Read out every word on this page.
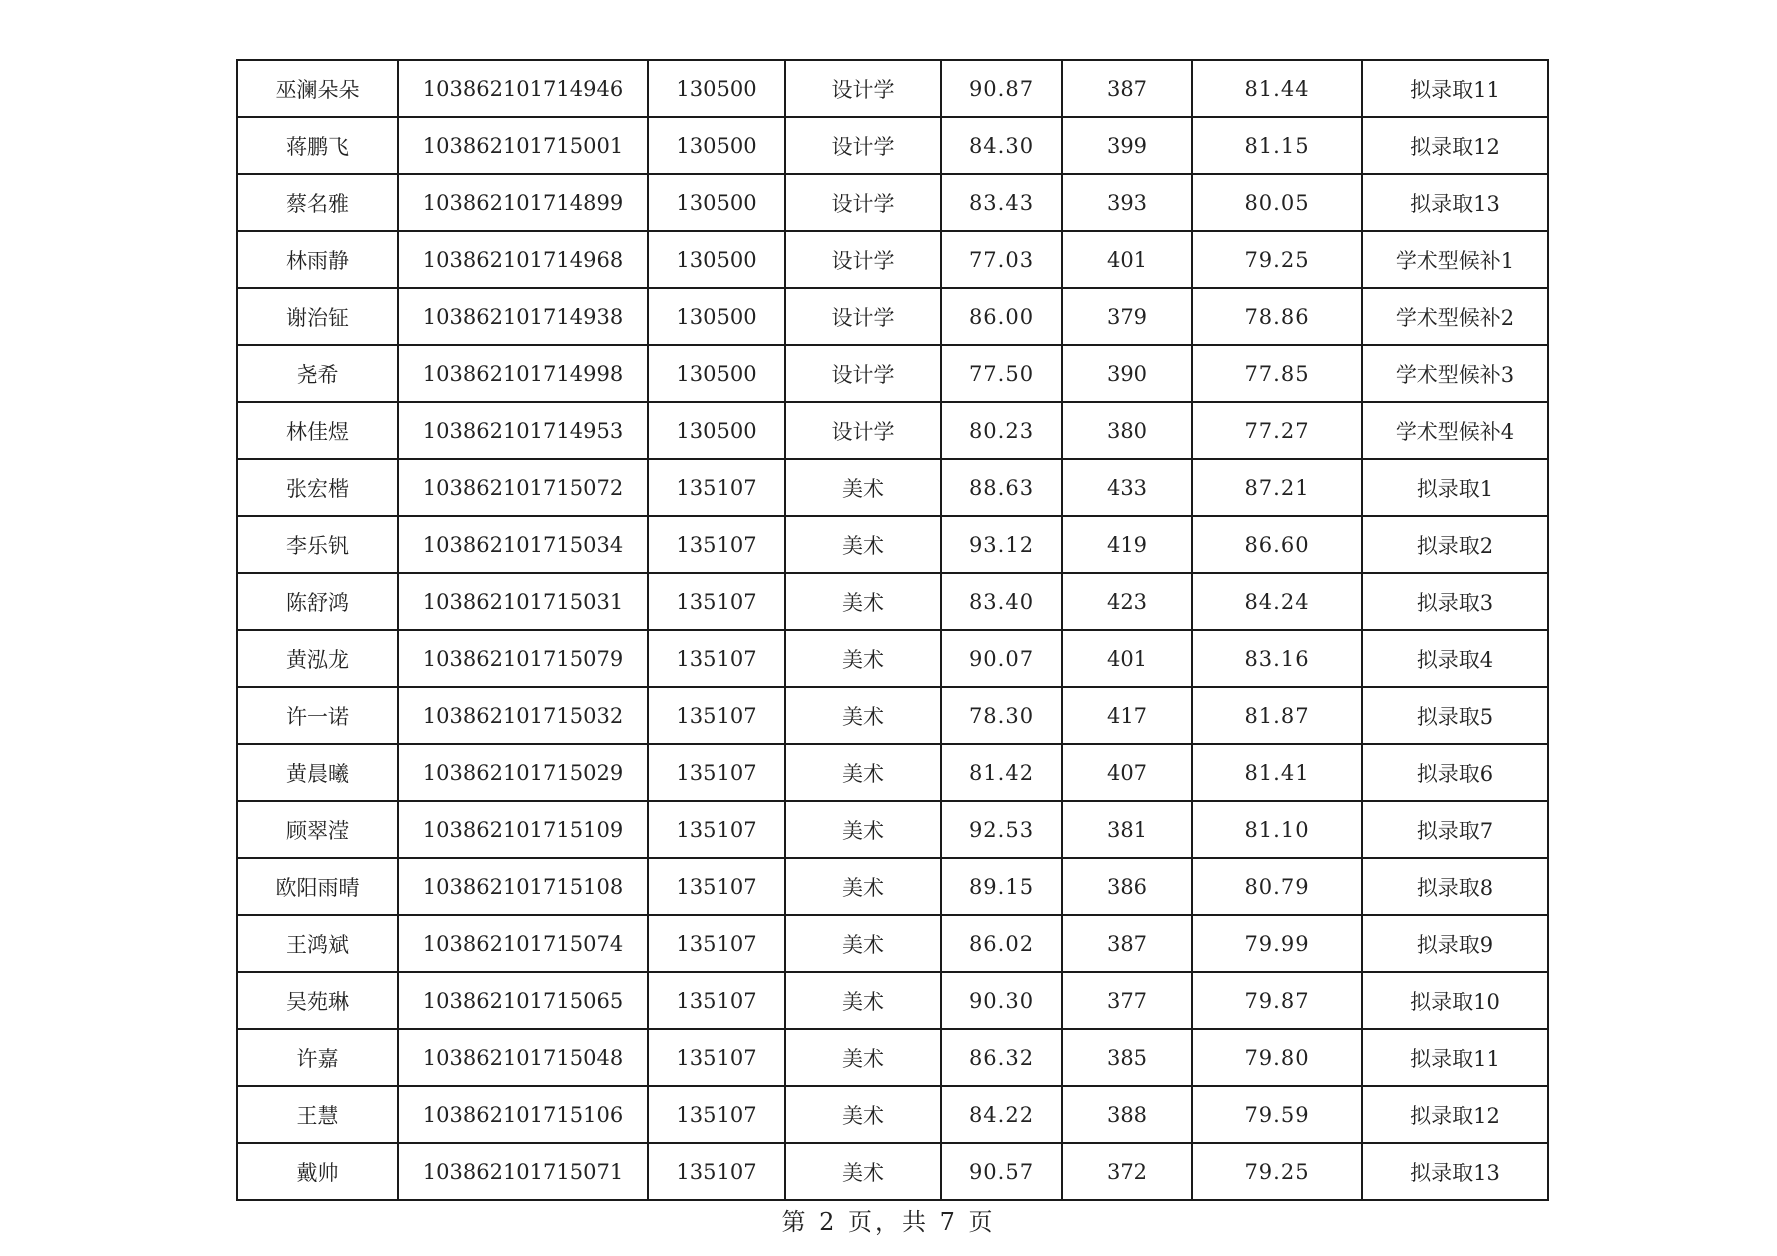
巫澜朵朵	103862101714946	130500	设计学	90.87	387	81.44	拟录取11
蒋鹏飞	103862101715001	130500	设计学	84.30	399	81.15	拟录取12
蔡名雅	103862101714899	130500	设计学	83.43	393	80.05	拟录取13
林雨静	103862101714968	130500	设计学	77.03	401	79.25	学术型候补1
谢治钲	103862101714938	130500	设计学	86.00	379	78.86	学术型候补2
尧希	103862101714998	130500	设计学	77.50	390	77.85	学术型候补3
林佳煜	103862101714953	130500	设计学	80.23	380	77.27	学术型候补4
张宏楷	103862101715072	135107	美术	88.63	433	87.21	拟录取1
李乐钒	103862101715034	135107	美术	93.12	419	86.60	拟录取2
陈舒鸿	103862101715031	135107	美术	83.40	423	84.24	拟录取3
黄泓龙	103862101715079	135107	美术	90.07	401	83.16	拟录取4
许一诺	103862101715032	135107	美术	78.30	417	81.87	拟录取5
黄晨曦	103862101715029	135107	美术	81.42	407	81.41	拟录取6
顾翠滢	103862101715109	135107	美术	92.53	381	81.10	拟录取7
欧阳雨晴	103862101715108	135107	美术	89.15	386	80.79	拟录取8
王鸿斌	103862101715074	135107	美术	86.02	387	79.99	拟录取9
吴苑琳	103862101715065	135107	美术	90.30	377	79.87	拟录取10
许嘉	103862101715048	135107	美术	86.32	385	79.80	拟录取11
王慧	103862101715106	135107	美术	84.22	388	79.59	拟录取12
戴帅	103862101715071	135107	美术	90.57	372	79.25	拟录取13
第 2 页，共 7 页
